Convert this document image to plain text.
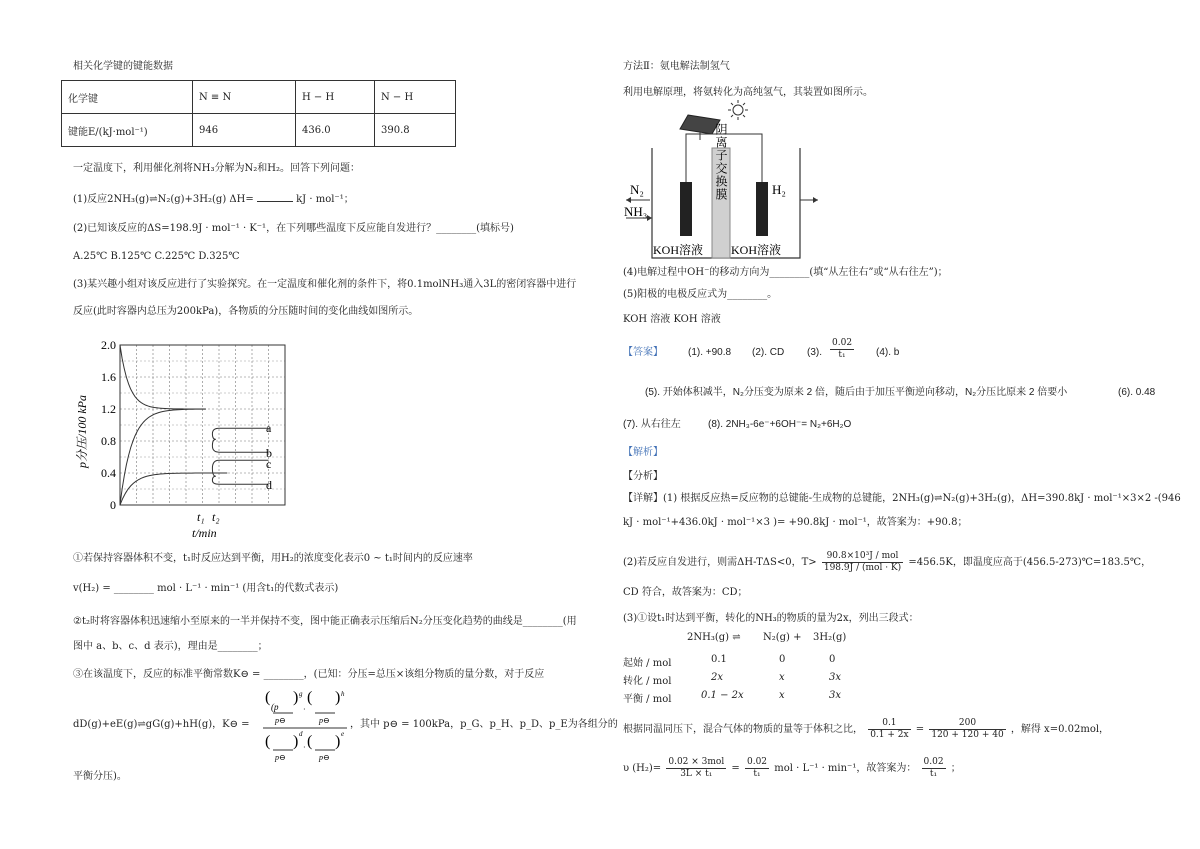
相关化学键的键能数据
化学键	N ≡ N	H − H	N − H
键能E/(kJ·mol⁻¹)	946	436.0	390.8
一定温度下，利用催化剂将NH₃分解为N₂和H₂。回答下列问题：
(1)反应2NH₃(g)⇌N₂(g)+3H₂(g) ΔH=	kJ · mol⁻¹；
(2)已知该反应的ΔS=198.9J · mol⁻¹ · K⁻¹，在下列哪些温度下反应能自发进行？________(填标号)
A.25℃ B.125℃ C.225℃ D.325℃
(3)某兴趣小组对该反应进行了实验探究。在一定温度和催化剂的条件下，将0.1molNH₃通入3L的密闭容器中进行
反应(此时容器内总压为200kPa)，各物质的分压随时间的变化曲线如图所示。
0
0.4
0.8
1.2
1.6
2.0
a
b
c
d
t₁ t₂
t/min
p分压/100 kPa
①若保持容器体积不变，t₁时反应达到平衡，用H₂的浓度变化表示0 ~ t₁时间内的反应速率
v(H₂) = ________ mol · L⁻¹ · min⁻¹ (用含t₁的代数式表示)
②t₂时将容器体积迅速缩小至原来的一半并保持不变，图中能正确表示压缩后N₂分压变化趋势的曲线是________(用
图中 a、b、c、d 表示)，理由是________；
③在该温度下，反应的标准平衡常数K⊖ = ________，(已知：分压=总压×该组分物质的量分数，对于反应
dD(g)+eE(g)⇌gG(g)+hH(g)，K⊖ =
(p
(
p⊖
) g
·
(
p⊖
) h
(
p⊖
) d
· (
p⊖
) e
，其中 p⊖ = 100kPa，p_G、p_H、p_D、p_E为各组分的
平衡分压)。
方法Ⅱ：氨电解法制氢气
利用电解原理，将氨转化为高纯氢气，其装置如图所示。
N₂
NH₃
H₂
KOH溶液 KOH溶液
阴离子交换膜
(4)电解过程中OH⁻的移动方向为________(填“从左往右”或“从右往左”)；
(5)阳极的电极反应式为________。
KOH 溶液 KOH 溶液
【答案】	(1). +90.8 (2). CD (3). $\frac{0.02}{\text{t₁}} (4)$. b
(5). 开始体积减半，N₂分压变为原来 2 倍，随后由于加压平衡逆向移动，N₂分压比原来 2 倍要小	(6). 0.48
(7). 从右往左	(8). 2NH₃-6e⁻+6OH⁻= N₂+6H₂O
【解析】
【分析】
【详解】(1) 根据反应热=反应物的总键能-生成物的总键能，2NH₃(g)⇌N₂(g)+3H₂(g)，ΔH=390.8kJ · mol⁻¹×3×2 -(946
kJ · mol⁻¹+436.0kJ · mol⁻¹×3 )= +90.8kJ · mol⁻¹，故答案为：+90.8；
(2)若反应自发进行，则需ΔH-TΔS<0，$T> \frac{\text{90.8×10³J / mol}}{\text{198.9J / (mol · K)}} =456.5K$，即温度应高于(456.5-273)℃=183.5℃，
CD 符合，故答案为：CD；
(3)①设t₁时达到平衡，转化的NH₃的物质的量为2x，列出三段式：
2NH₃(g) ⇌ N₂(g) + 3H₂(g)
起始 / mol	0.1	0	0
转化 / mol	2x	x	3x
平衡 / mol	0.1 − 2x	x	3x
根据同温同压下，混合气体的物质的量等于体积之比， $\frac{0.1}{0.1 + 2x} = \frac{200}{120 + 120 + 40}$ ，解得 x=0.02mol，
υ $(H_2)= \frac{\text{0.02 × 3mol}}{\text{3L × t₁}} = \frac{0.02}{\text{t₁}}$ mol · L⁻¹ · min⁻¹，故答案为： $\frac{0.02}{\text{t₁}}$ ；
